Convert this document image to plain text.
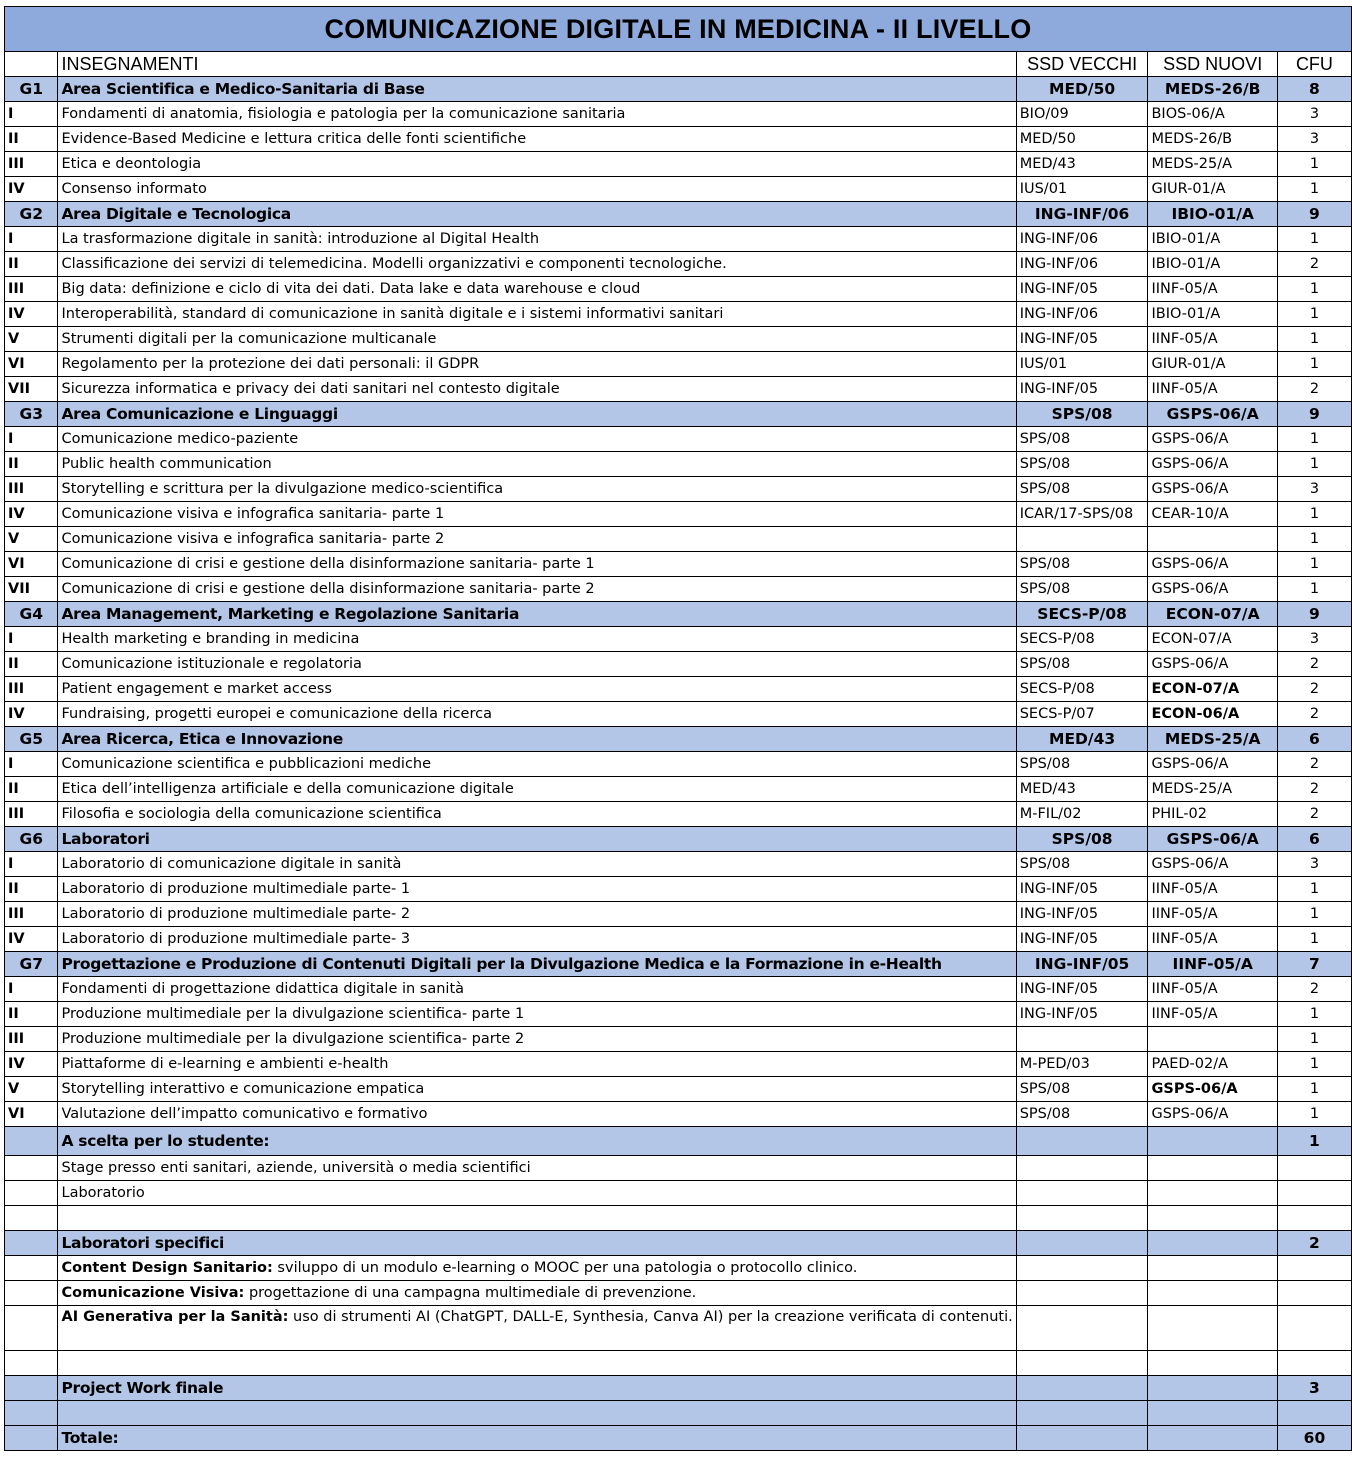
COMUNICAZIONE DIGITALE IN MEDICINA - II LIVELLO				
	INSEGNAMENTI	SSD VECCHI	SSD NUOVI	CFU
G1	Area Scientifica e Medico-Sanitaria di Base	MED/50	MEDS-26/B	8
I	Fondamenti di anatomia, fisiologia e patologia per la comunicazione sanitaria	BIO/09	BIOS-06/A	3
II	Evidence-Based Medicine e lettura critica delle fonti scientifiche	MED/50	MEDS-26/B	3
III	Etica e deontologia	MED/43	MEDS-25/A	1
IV	Consenso informato	IUS/01	GIUR-01/A	1
G2	Area Digitale e Tecnologica	ING-INF/06	IBIO-01/A	9
I	La trasformazione digitale in sanità: introduzione al Digital Health	ING-INF/06	IBIO-01/A	1
II	Classificazione dei servizi di telemedicina. Modelli organizzativi e componenti tecnologiche.	ING-INF/06	IBIO-01/A	2
III	Big data: definizione e ciclo di vita dei dati. Data lake e data warehouse e cloud	ING-INF/05	IINF-05/A	1
IV	Interoperabilità, standard di comunicazione in sanità digitale e i sistemi informativi sanitari	ING-INF/06	IBIO-01/A	1
V	Strumenti digitali per la comunicazione multicanale	ING-INF/05	IINF-05/A	1
VI	Regolamento per la protezione dei dati personali: il GDPR	IUS/01	GIUR-01/A	1
VII	Sicurezza informatica e privacy dei dati sanitari nel contesto digitale	ING-INF/05	IINF-05/A	2
G3	Area Comunicazione e Linguaggi	SPS/08	GSPS-06/A	9
I	Comunicazione medico-paziente	SPS/08	GSPS-06/A	1
II	Public health communication	SPS/08	GSPS-06/A	1
III	Storytelling e scrittura per la divulgazione medico-scientifica	SPS/08	GSPS-06/A	3
IV	Comunicazione visiva e infografica sanitaria- parte 1	ICAR/17-SPS/08	CEAR-10/A	1
V	Comunicazione visiva e infografica sanitaria- parte 2			1
VI	Comunicazione di crisi e gestione della disinformazione sanitaria- parte 1	SPS/08	GSPS-06/A	1
VII	Comunicazione di crisi e gestione della disinformazione sanitaria- parte 2	SPS/08	GSPS-06/A	1
G4	Area Management, Marketing e Regolazione Sanitaria	SECS-P/08	ECON-07/A	9
I	Health marketing e branding in medicina	SECS-P/08	ECON-07/A	3
II	Comunicazione istituzionale e regolatoria	SPS/08	GSPS-06/A	2
III	Patient engagement e market access	SECS-P/08	ECON-07/A	2
IV	Fundraising, progetti europei e comunicazione della ricerca	SECS-P/07	ECON-06/A	2
G5	Area Ricerca, Etica e Innovazione	MED/43	MEDS-25/A	6
I	Comunicazione scientifica e pubblicazioni mediche	SPS/08	GSPS-06/A	2
II	Etica dell’intelligenza artificiale e della comunicazione digitale	MED/43	MEDS-25/A	2
III	Filosofia e sociologia della comunicazione scientifica	M-FIL/02	PHIL-02	2
G6	Laboratori	SPS/08	GSPS-06/A	6
I	Laboratorio di comunicazione digitale in sanità	SPS/08	GSPS-06/A	3
II	Laboratorio di produzione multimediale parte- 1	ING-INF/05	IINF-05/A	1
III	Laboratorio di produzione multimediale parte- 2	ING-INF/05	IINF-05/A	1
IV	Laboratorio di produzione multimediale parte- 3	ING-INF/05	IINF-05/A	1
G7	Progettazione e Produzione di Contenuti Digitali per la Divulgazione Medica e la Formazione in e-Health	ING-INF/05	IINF-05/A	7
I	Fondamenti di progettazione didattica digitale in sanità	ING-INF/05	IINF-05/A	2
II	Produzione multimediale per la divulgazione scientifica- parte 1	ING-INF/05	IINF-05/A	1
III	Produzione multimediale per la divulgazione scientifica- parte 2			1
IV	Piattaforme di e-learning e ambienti e-health	M-PED/03	PAED-02/A	1
V	Storytelling interattivo e comunicazione empatica	SPS/08	GSPS-06/A	1
VI	Valutazione dell’impatto comunicativo e formativo	SPS/08	GSPS-06/A	1
	A scelta per lo studente:			1
	Stage presso enti sanitari, aziende, università o media scientifici			
	Laboratorio			

	Laboratori specifici			2
	Content Design Sanitario: sviluppo di un modulo e-learning o MOOC per una patologia o protocollo clinico.			
	Comunicazione Visiva: progettazione di una campagna multimediale di prevenzione.			
	AI Generativa per la Sanità: uso di strumenti AI (ChatGPT, DALL-E, Synthesia, Canva AI) per la creazione verificata di contenuti.			

	Project Work finale			3

	Totale:			60
